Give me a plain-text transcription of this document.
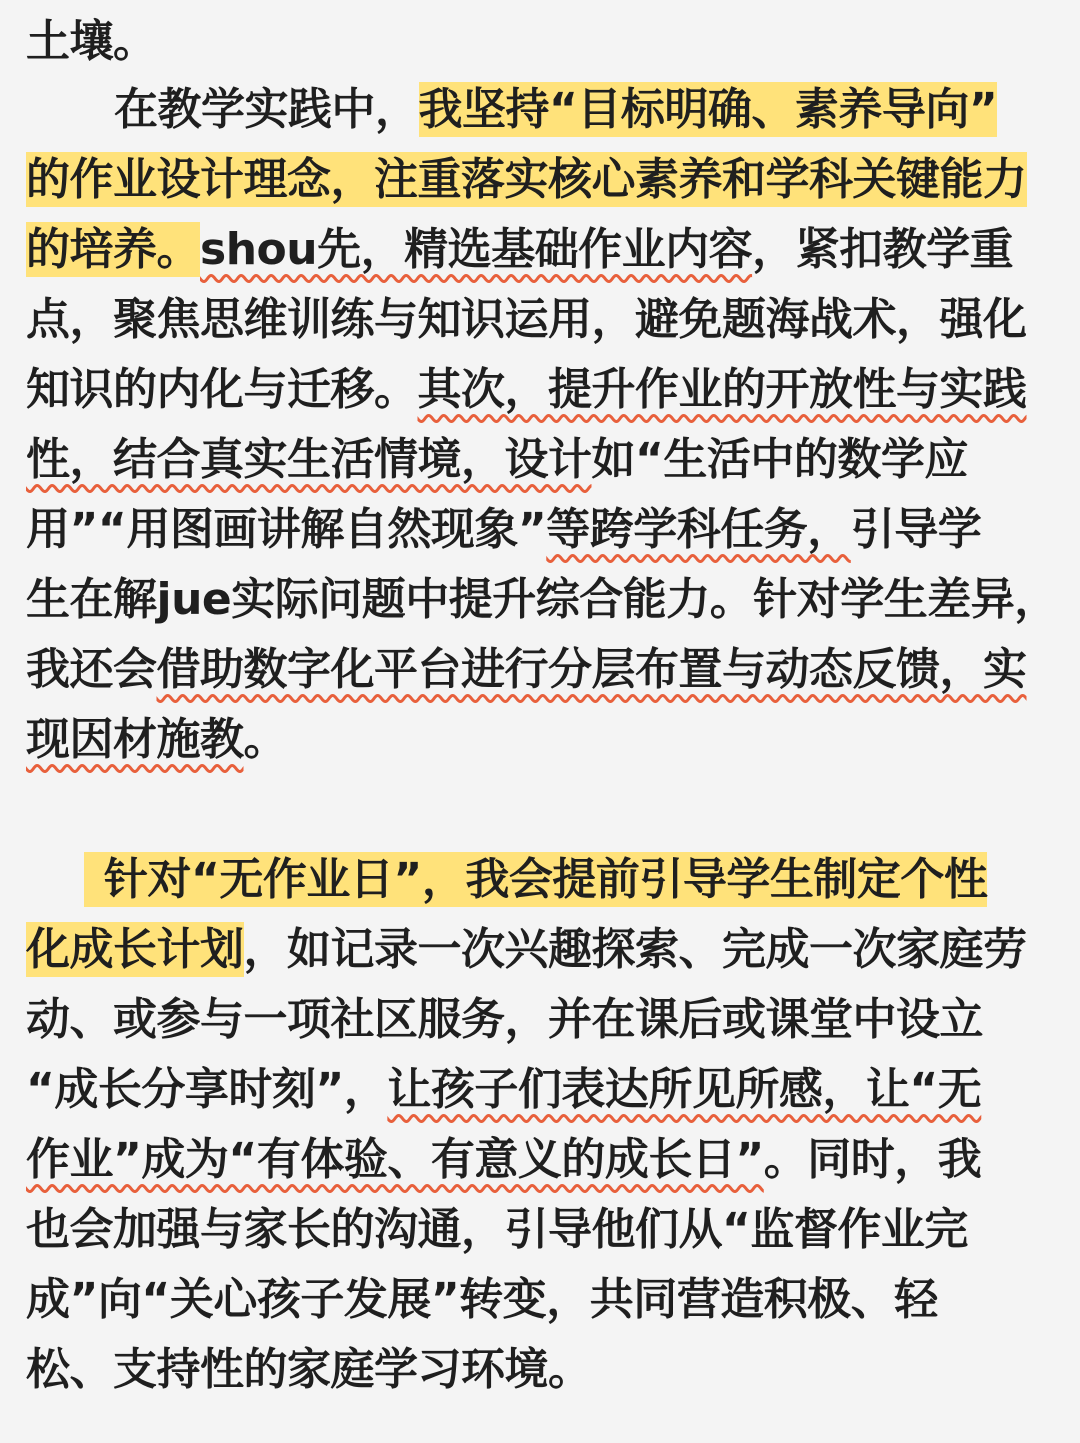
土壤。
在教学实践中，我坚持“目标明确、素养导向”
的作业设计理念，注重落实核心素养和学科关键能力
的培养。shou先，精选基础作业内容，紧扣教学重
点，聚焦思维训练与知识运用，避免题海战术，强化
知识的内化与迁移。其次，提升作业的开放性与实践
性，结合真实生活情境，设计如“生活中的数学应
用”“用图画讲解自然现象”等跨学科任务，引导学
生在解jue实际问题中提升综合能力。针对学生差异，
我还会借助数字化平台进行分层布置与动态反馈，实
现因材施教。
针对“无作业日”，我会提前引导学生制定个性
化成长计划，如记录一次兴趣探索、完成一次家庭劳
动、或参与一项社区服务，并在课后或课堂中设立
“成长分享时刻”，让孩子们表达所见所感，让“无
作业”成为“有体验、有意义的成长日”。同时，我
也会加强与家长的沟通，引导他们从“监督作业完
成”向“关心孩子发展”转变，共同营造积极、轻
松、支持性的家庭学习环境。
